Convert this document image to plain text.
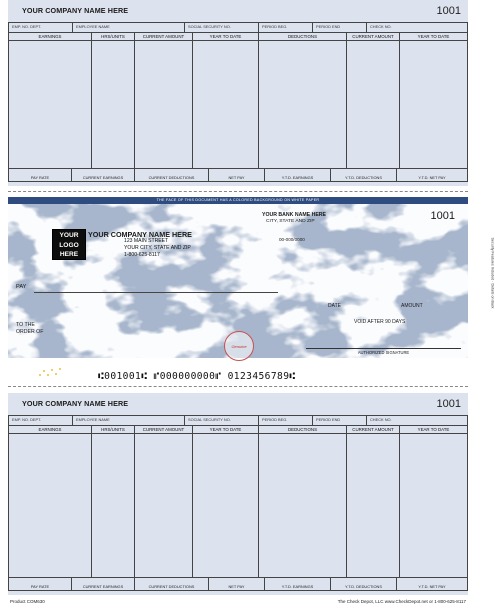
YOUR COMPANY NAME HERE	1001
EMP. NO. DEPT.	EMPLOYEE NAME	SOCIAL SECURITY NO.	PERIOD BEG.	PERIOD END	CHECK NO.
EARNINGS	HRS/UNITS	CURRENT AMOUNT	YEAR TO DATE	DEDUCTIONS	CURRENT AMOUNT	YEAR TO DATE
PAY RATE	CURRENT EARNINGS	CURRENT DEDUCTIONS	NET PAY	Y.T.D. EARNINGS	Y.T.D. DEDUCTIONS	Y.T.D. NET PAY
THE FACE OF THIS DOCUMENT HAS A COLORED BACKGROUND ON WHITE PAPER
YOUR
LOGO
HERE
YOUR COMPANY NAME HERE
123 MAIN STREET
YOUR CITY, STATE AND ZIP
1-800-625-8117
YOUR BANK NAME HERE
CITY, STATE AND ZIP
00-000/0000
1001
PAY
DATE	AMOUNT
TO THE
ORDER OF
VOID AFTER 90 DAYS
Genuine
AUTHORIZED SIGNATURE
Security Features Included · Details on Back
⑆001001⑆ ⑈000000000⑈ 0123456789⑆
YOUR COMPANY NAME HERE	1001
EMP. NO. DEPT.	EMPLOYEE NAME	SOCIAL SECURITY NO.	PERIOD BEG.	PERIOD END	CHECK NO.
EARNINGS	HRS/UNITS	CURRENT AMOUNT	YEAR TO DATE	DEDUCTIONS	CURRENT AMOUNT	YEAR TO DATE
PAY RATE	CURRENT EARNINGS	CURRENT DEDUCTIONS	NET PAY	Y.T.D. EARNINGS	Y.T.D. DEDUCTIONS	Y.T.D. NET PAY
Product COM630	The Check Depot, LLC www.CheckDepot.net or 1-800-625-8117
